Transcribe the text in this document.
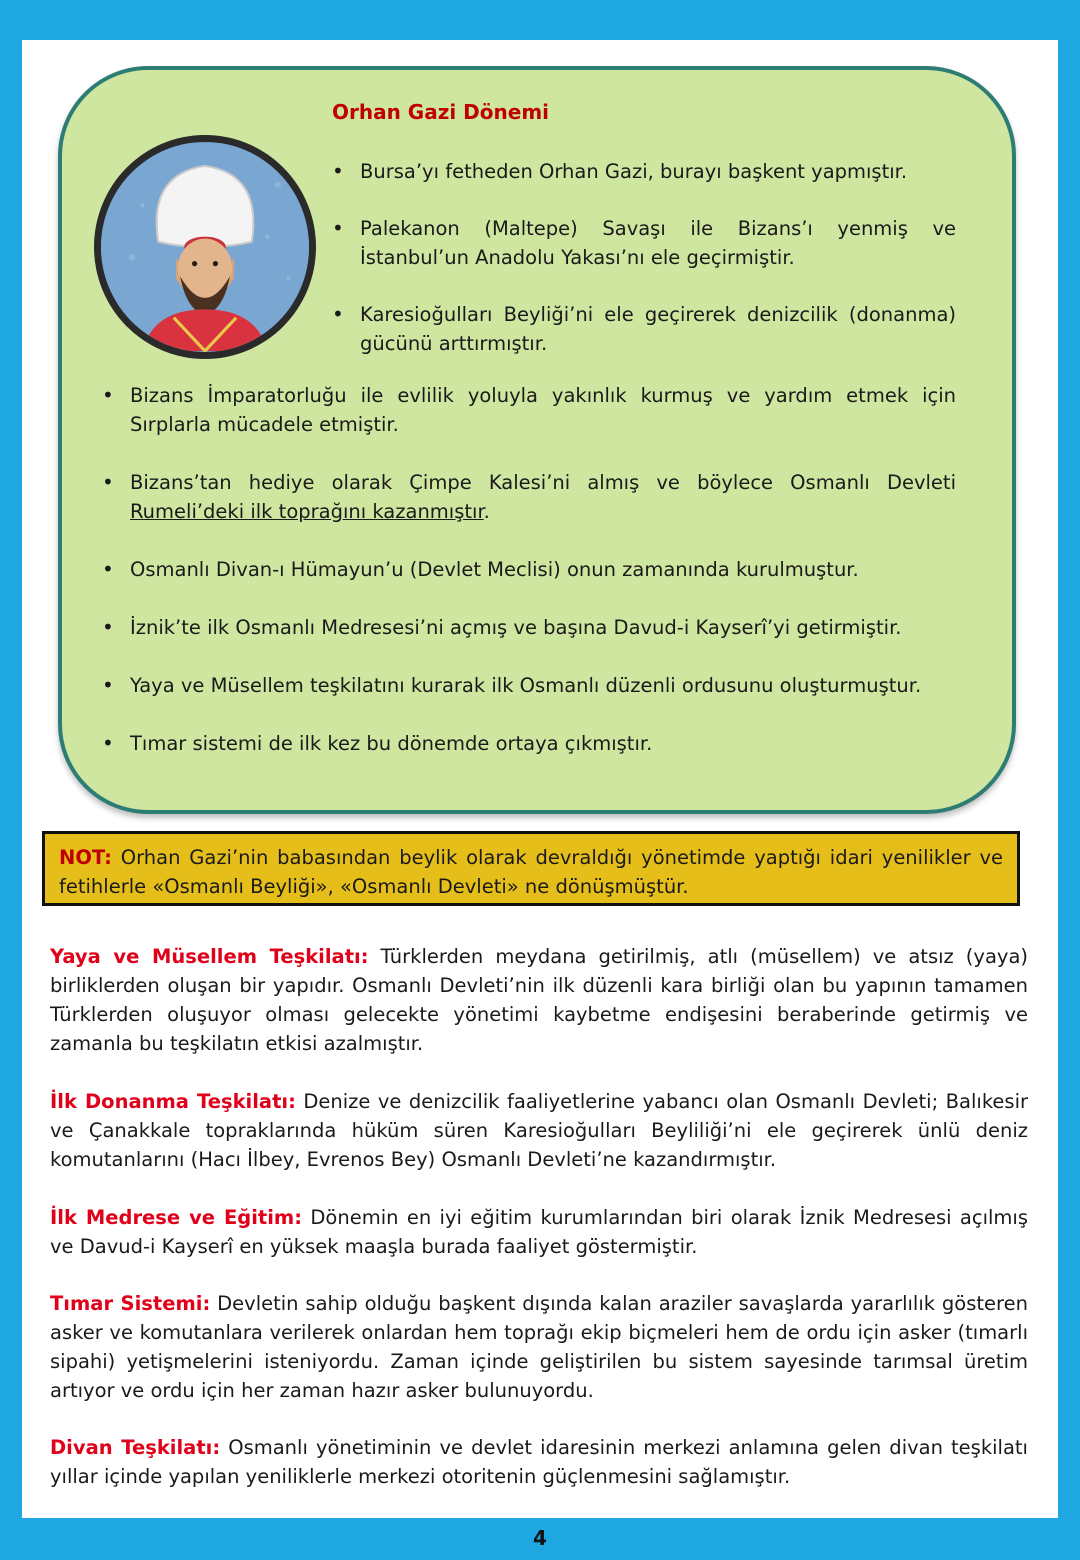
Orhan Gazi Dönemi
• Bursa’yı fetheden Orhan Gazi, burayı başkent yapmıştır.
• Palekanon (Maltepe) Savaşı ile Bizans’ı yenmiş ve İstanbul’un Anadolu Yakası’nı ele geçirmiştir.
• Karesioğulları Beyliği’ni ele geçirerek denizcilik (donanma) gücünü arttırmıştır.
• Bizans İmparatorluğu ile evlilik yoluyla yakınlık kurmuş ve yardım etmek için Sırplarla mücadele etmiştir.
• Bizans’tan hediye olarak Çimpe Kalesi’ni almış ve böylece Osmanlı Devleti Rumeli’deki ilk toprağını kazanmıştır.
• Osmanlı Divan-ı Hümayun’u (Devlet Meclisi) onun zamanında kurulmuştur.
• İznik’te ilk Osmanlı Medresesi’ni açmış ve başına Davud-i Kayserî’yi getirmiştir.
• Yaya ve Müsellem teşkilatını kurarak ilk Osmanlı düzenli ordusunu oluşturmuştur.
• Tımar sistemi de ilk kez bu dönemde ortaya çıkmıştır.
NOT: Orhan Gazi’nin babasından beylik olarak devraldığı yönetimde yaptığı idari yenilikler ve fetihlerle «Osmanlı Beyliği», «Osmanlı Devleti» ne dönüşmüştür.
Yaya ve Müsellem Teşkilatı: Türklerden meydana getirilmiş, atlı (müsellem) ve atsız (yaya) birliklerden oluşan bir yapıdır. Osmanlı Devleti’nin ilk düzenli kara birliği olan bu yapının tamamen Türklerden oluşuyor olması gelecekte yönetimi kaybetme endişesini beraberinde getirmiş ve zamanla bu teşkilatın etkisi azalmıştır.
İlk Donanma Teşkilatı: Denize ve denizcilik faaliyetlerine yabancı olan Osmanlı Devleti; Balıkesir ve Çanakkale topraklarında hüküm süren Karesioğulları Beyliliği’ni ele geçirerek ünlü deniz komutanlarını (Hacı İlbey, Evrenos Bey) Osmanlı Devleti’ne kazandırmıştır.
İlk Medrese ve Eğitim: Dönemin en iyi eğitim kurumlarından biri olarak İznik Medresesi açılmış ve Davud-i Kayserî en yüksek maaşla burada faaliyet göstermiştir.
Tımar Sistemi: Devletin sahip olduğu başkent dışında kalan araziler savaşlarda yararlılık gösteren asker ve komutanlara verilerek onlardan hem toprağı ekip biçmeleri hem de ordu için asker (tımarlı sipahi) yetişmelerini isteniyordu. Zaman içinde geliştirilen bu sistem sayesinde tarımsal üretim artıyor ve ordu için her zaman hazır asker bulunuyordu.
Divan Teşkilatı: Osmanlı yönetiminin ve devlet idaresinin merkezi anlamına gelen divan teşkilatı yıllar içinde yapılan yeniliklerle merkezi otoritenin güçlenmesini sağlamıştır.
4
